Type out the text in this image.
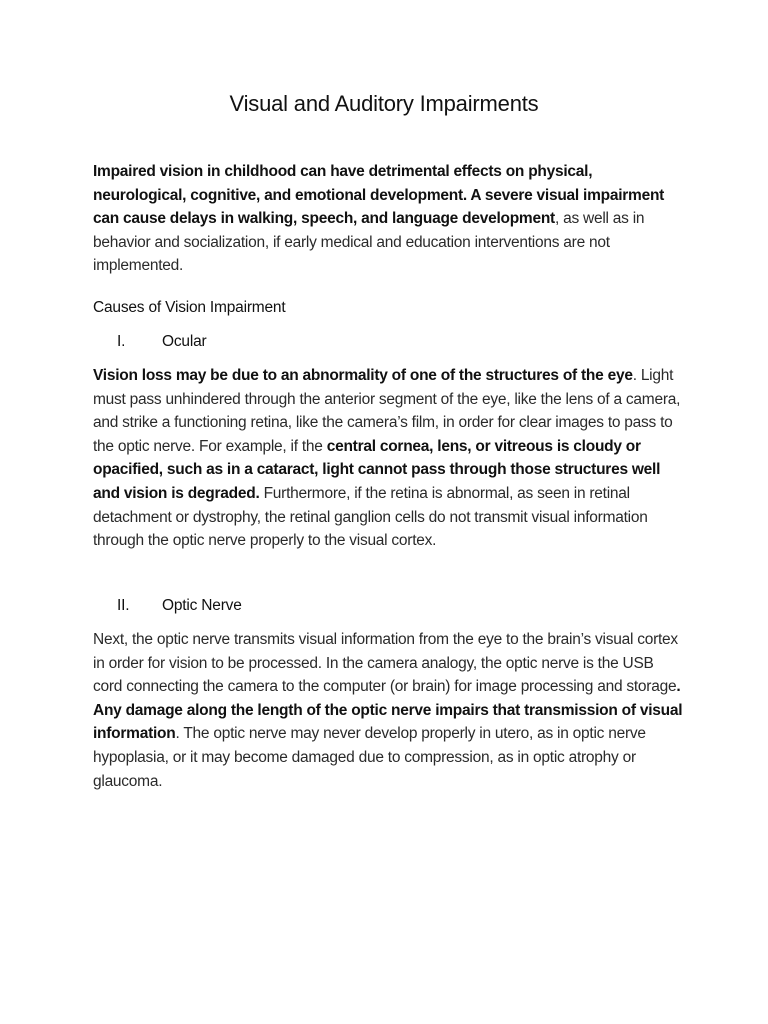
Visual and Auditory Impairments

Impaired vision in childhood can have detrimental effects on physical, neurological, cognitive, and emotional development. A severe visual impairment can cause delays in walking, speech, and language development, as well as in behavior and socialization, if early medical and education interventions are not implemented.

Causes of Vision Impairment
I. Ocular

Vision loss may be due to an abnormality of one of the structures of the eye. Light must pass unhindered through the anterior segment of the eye, like the lens of a camera, and strike a functioning retina, like the camera’s film, in order for clear images to pass to the optic nerve. For example, if the central cornea, lens, or vitreous is cloudy or opacified, such as in a cataract, light cannot pass through those structures well and vision is degraded. Furthermore, if the retina is abnormal, as seen in retinal detachment or dystrophy, the retinal ganglion cells do not transmit visual information through the optic nerve properly to the visual cortex.

II. Optic Nerve

Next, the optic nerve transmits visual information from the eye to the brain’s visual cortex in order for vision to be processed. In the camera analogy, the optic nerve is the USB cord connecting the camera to the computer (or brain) for image processing and storage. Any damage along the length of the optic nerve impairs that transmission of visual information. The optic nerve may never develop properly in utero, as in optic nerve hypoplasia, or it may become damaged due to compression, as in optic atrophy or glaucoma.
